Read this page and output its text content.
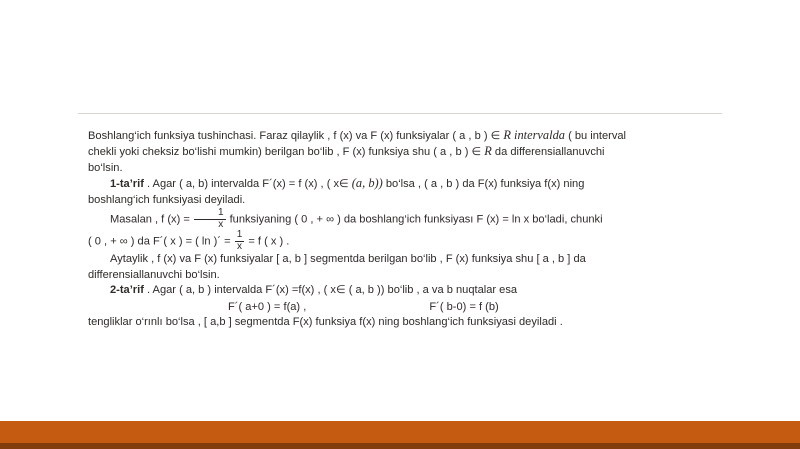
Boshlang‘ich funksiya tushinchasi. Faraz qilaylik , f (x) va F (x) funksiyalar ( a , b ) ∈ R intervalda ( bu interval
chekli yoki cheksiz bo‘lishi mumkin) berilgan bo‘lib , F (x) funksiya shu ( a , b ) ∈ R da differensiallanuvchi
bo‘lsin.
1-ta’rif . Agar ( a, b) intervalda F´(x) = f (x) , ( x∈ (a, b)) bo‘lsa , ( a , b ) da F(x) funksiya f(x) ning
boshlang‘ich funksiyasi deyiladi.
Masalan , f $(x) = \frac{1}{x}$ funksiyaning ( 0 , + ∞ ) da boshlang‘ich funksiyası F (x) = ln x bo‘ladi, chunki
( 0 , + ∞ ) da F´( x ) = ( ln )´ = $\frac{1}{x} = f$ ( x ) .
Aytaylik , f (x) va F (x) funksiyalar [ a, b ] segmentda berilgan bo‘lib , F (x) funksiya shu [ a , b ] da
differensiallanuvchi bo‘lsin.
2-ta’rif . Agar ( a, b ) intervalda F´(x) =f(x) , ( x∈ ( a, b )) bo‘lib , a va b nuqtalar esa
F´( a+0 ) = f(a) ,	F´( b-0) = f (b)
tengliklar o‘rınlı bo‘lsa , [ a,b ] segmentda F(x) funksiya f(x) ning boshlang‘ich funksiyasi deyiladi .
